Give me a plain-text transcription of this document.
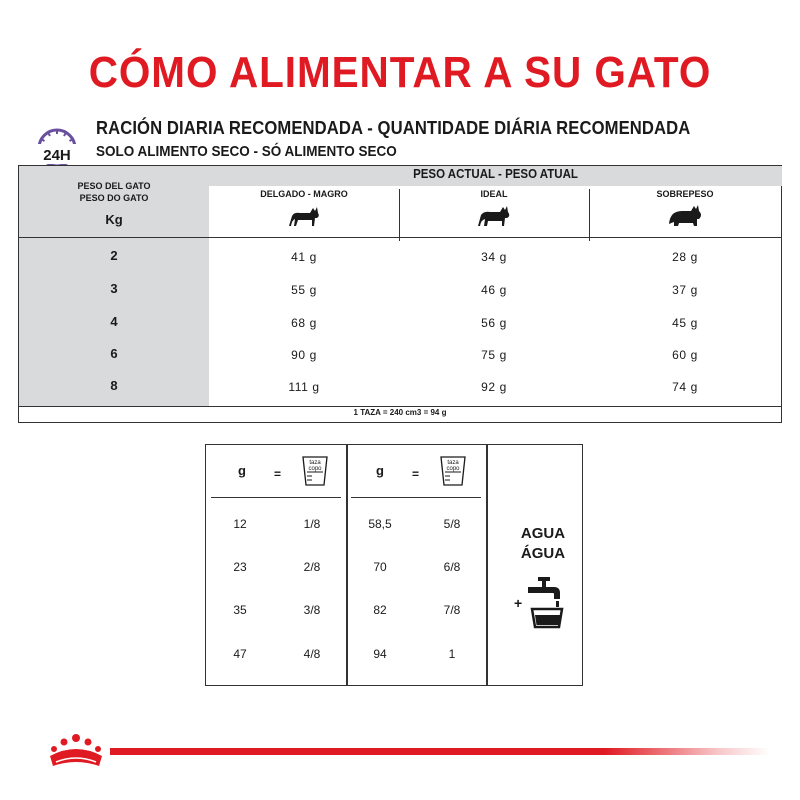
CÓMO ALIMENTAR A SU GATO
24H
RACIÓN DIARIA RECOMENDADA - QUANTIDADE DIÁRIA RECOMENDADA
SOLO ALIMENTO SECO - SÓ ALIMENTO SECO
PESO DEL GATO
PESO DO GATO
Kg
PESO ACTUAL - PESO ATUAL
DELGADO - MAGRO	IDEAL	SOBREPESO
2	41 g	34 g	28 g
3	55 g	46 g	37 g
4	68 g	56 g	45 g
6	90 g	75 g	60 g
8	111 g	92 g	74 g
1 TAZA = 240 cm3 = 94 g
g =
taza
copo	g =
taza
copo
12	1/8
23	2/8
35	3/8
47	4/8
58,5	5/8
70	6/8
82	7/8
94	1
AGUA
ÁGUA
+
